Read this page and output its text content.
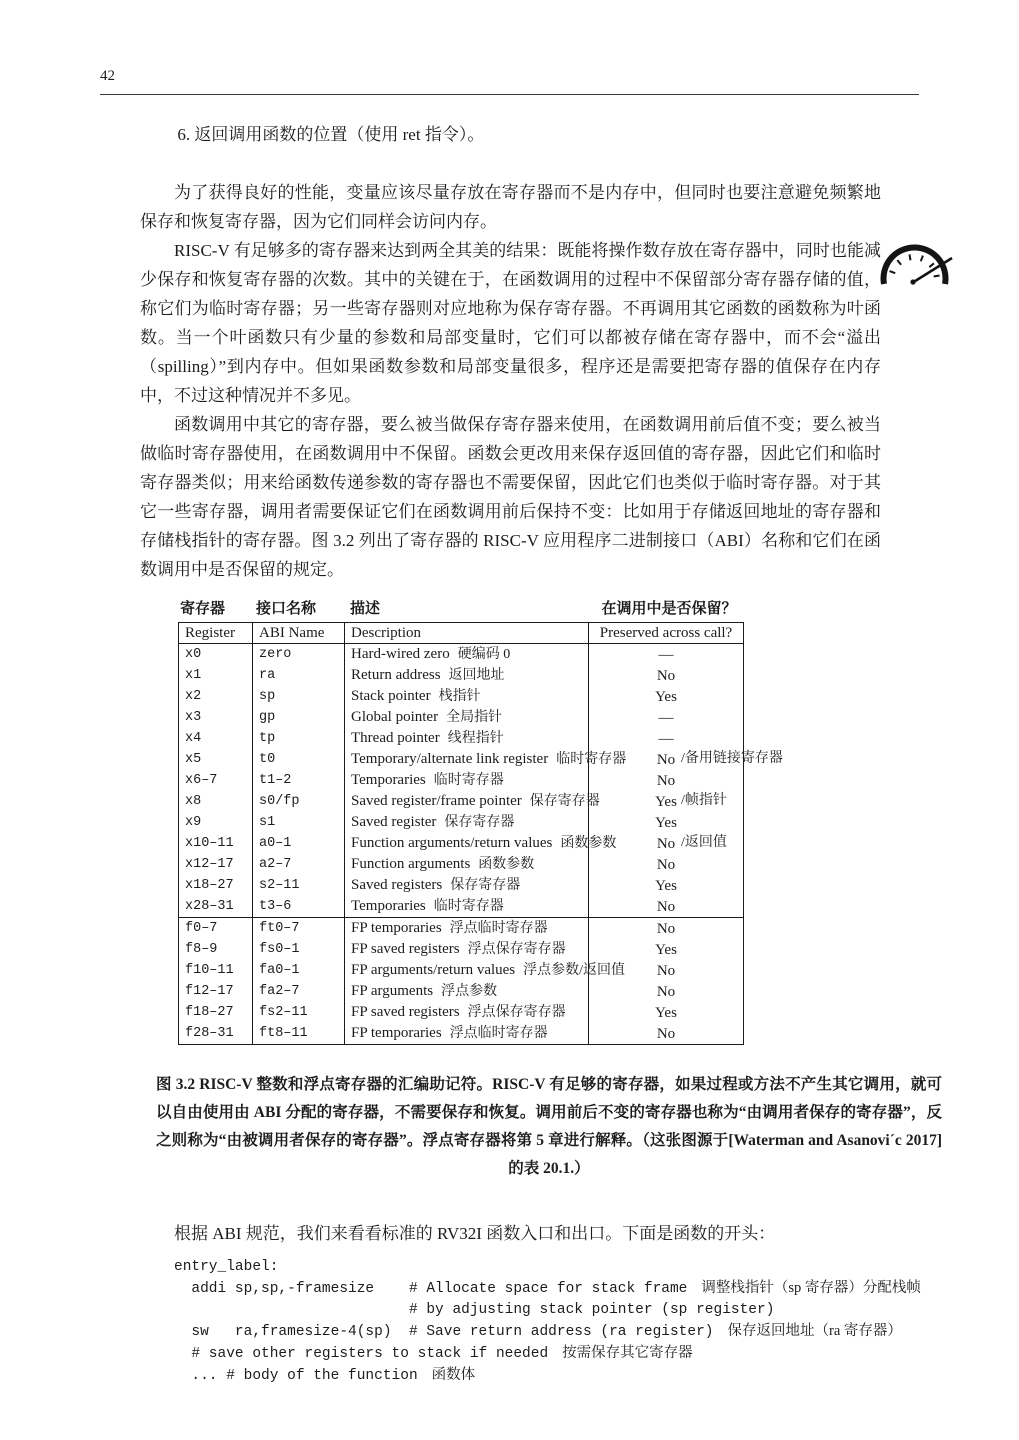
42

6. 返回调用函数的位置（使用 ret 指令）。

为了获得良好的性能，变量应该尽量存放在寄存器而不是内存中，但同时也要注意避免频繁地保存和恢复寄存器，因为它们同样会访问内存。

RISC-V 有足够多的寄存器来达到两全其美的结果：既能将操作数存放在寄存器中，同时也能减少保存和恢复寄存器的次数。其中的关键在于，在函数调用的过程中不保留部分寄存器存储的值，称它们为临时寄存器；另一些寄存器则对应地称为保存寄存器。不再调用其它函数的函数称为叶函数。当一个叶函数只有少量的参数和局部变量时，它们可以都被存储在寄存器中，而不会“溢出（spilling）”到内存中。但如果函数参数和局部变量很多，程序还是需要把寄存器的值保存在内存中，不过这种情况并不多见。

函数调用中其它的寄存器，要么被当做保存寄存器来使用，在函数调用前后值不变；要么被当做临时寄存器使用，在函数调用中不保留。函数会更改用来保存返回值的寄存器，因此它们和临时寄存器类似；用来给函数传递参数的寄存器也不需要保留，因此它们也类似于临时寄存器。对于其它一些寄存器，调用者需要保证它们在函数调用前后保持不变：比如用于存储返回地址的寄存器和存储栈指针的寄存器。图 3.2 列出了寄存器的 RISC-V 应用程序二进制接口（ABI）名称和它们在函数调用中是否保留的规定。

寄存器	接口名称	描述	在调用中是否保留？
Register	ABI Name	Description	Preserved across call?
x0	zero	Hard-wired zero 硬编码 0	—
x1	ra	Return address 返回地址	No
x2	sp	Stack pointer 栈指针	Yes
x3	gp	Global pointer 全局指针	—
x4	tp	Thread pointer 线程指针	—
x5	t0	Temporary/alternate link register 临时寄存器	No /备用链接寄存器

x6–7	t1–2	Temporaries 临时寄存器	No
x8	s0/fp	Saved register/frame pointer 保存寄存器	Yes /帧指针

x9	s1	Saved register 保存寄存器	Yes
x10–11	a0–1	Function arguments/return values 函数参数	No /返回值

x12–17	a2–7	Function arguments 函数参数	No
x18–27	s2–11	Saved registers 保存寄存器	Yes
x28–31	t3–6	Temporaries 临时寄存器	No
f0–7	ft0–7	FP temporaries 浮点临时寄存器	No
f8–9	fs0–1	FP saved registers 浮点保存寄存器	Yes
f10–11	fa0–1	FP arguments/return values 浮点参数/返回值	No
f12–17	fa2–7	FP arguments 浮点参数	No
f18–27	fs2–11	FP saved registers 浮点保存寄存器	Yes
f28–31	ft8–11	FP temporaries 浮点临时寄存器	No
图 3.2 RISC-V 整数和浮点寄存器的汇编助记符。RISC-V 有足够的寄存器，如果过程或方法不产生其它调用，就可以自由使用由 ABI 分配的寄存器，不需要保存和恢复。调用前后不变的寄存器也称为“由调用者保存的寄存器”，反之则称为“由被调用者保存的寄存器”。浮点寄存器将第 5 章进行解释。（这张图源于[Waterman and Asanovi´c 2017]的表 20.1.）

根据 ABI 规范，我们来看看标准的 RV32I 函数入口和出口。下面是函数的开头：

entry_label:
addi sp,sp,-framesize    # Allocate space for stack frame 调整栈指针（sp 寄存器）分配栈帧
# by adjusting stack pointer (sp register)
sw   ra,framesize-4(sp)  # Save return address (ra register) 保存返回地址（ra 寄存器）
# save other registers to stack if needed 按需保存其它寄存器
... # body of the function 函数体
